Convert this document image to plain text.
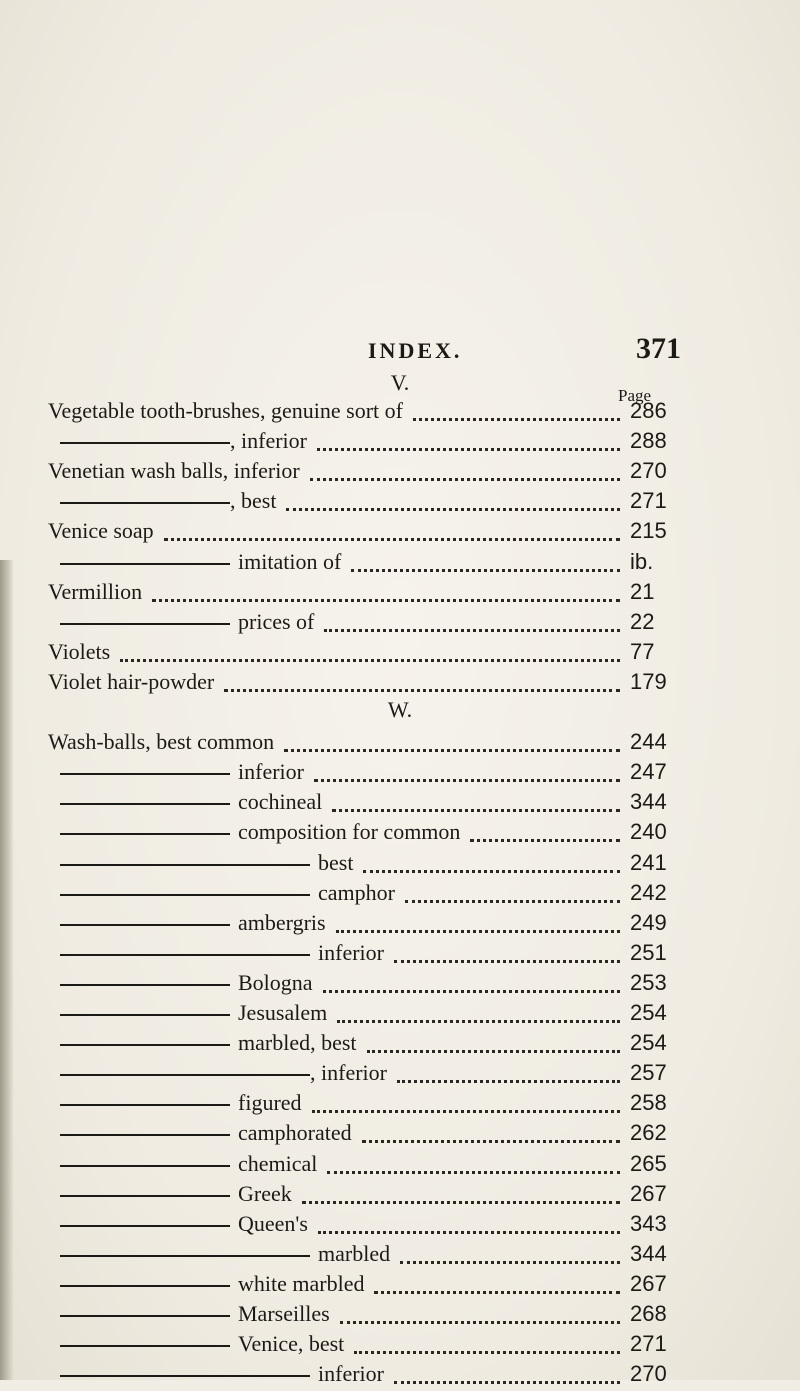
INDEX.	371
Page
V.
Vegetable tooth-brushes, genuine sort of	286
, inferior	288
Venetian wash balls, inferior	270
, best	271
Venice soap	215
imitation of	ib.
Vermillion	21
prices of	22
Violets	77
Violet hair-powder	179
W.
Wash-balls, best common	244
inferior	247
cochineal	344
composition for common	240
best	241
camphor	242
ambergris	249
inferior	251
Bologna	253
Jesusalem	254
marbled, best	254
, inferior	257
figured	258
camphorated	262
chemical	265
Greek	267
Queen's	343
marbled	344
white marbled	267
Marseilles	268
Venice, best	271
inferior	270
